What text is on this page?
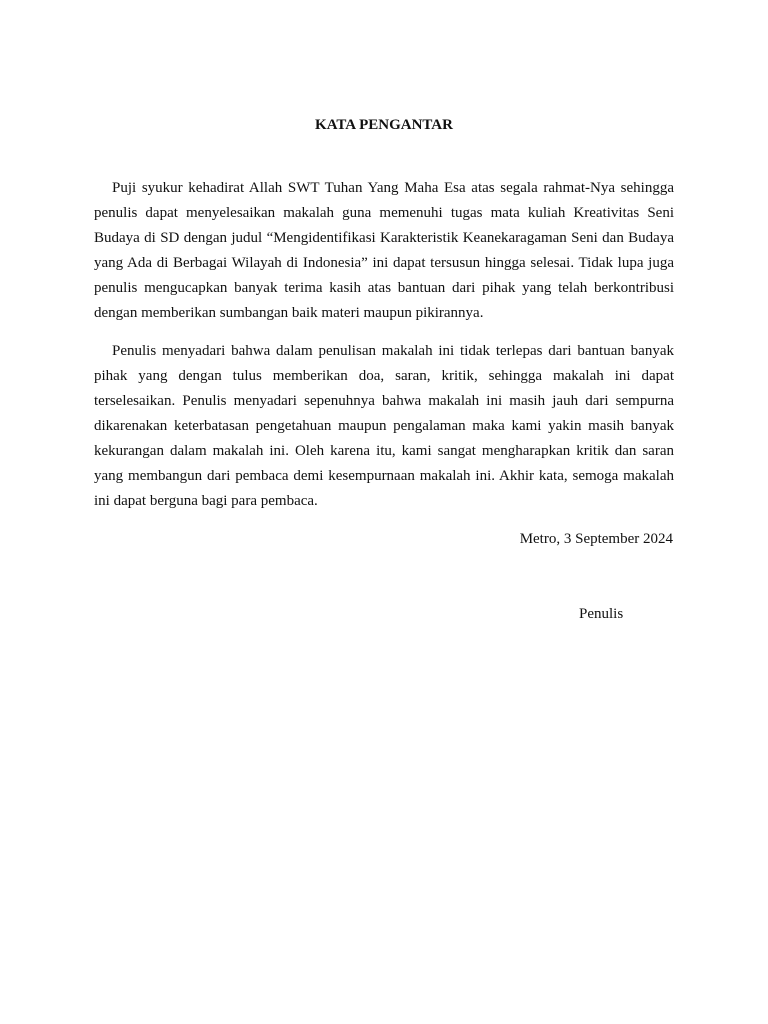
KATA PENGANTAR

Puji syukur kehadirat Allah SWT Tuhan Yang Maha Esa atas segala rahmat-Nya sehingga penulis dapat menyelesaikan makalah guna memenuhi tugas mata kuliah Kreativitas Seni Budaya di SD dengan judul “Mengidentifikasi Karakteristik Keanekaragaman Seni dan Budaya yang Ada di Berbagai Wilayah di Indonesia” ini dapat tersusun hingga selesai. Tidak lupa juga penulis mengucapkan banyak terima kasih atas bantuan dari pihak yang telah berkontribusi dengan memberikan sumbangan baik materi maupun pikirannya.

Penulis menyadari bahwa dalam penulisan makalah ini tidak terlepas dari bantuan banyak pihak yang dengan tulus memberikan doa, saran, kritik, sehingga makalah ini dapat terselesaikan. Penulis menyadari sepenuhnya bahwa makalah ini masih jauh dari sempurna dikarenakan keterbatasan pengetahuan maupun pengalaman maka kami yakin masih banyak kekurangan dalam makalah ini. Oleh karena itu, kami sangat mengharapkan kritik dan saran yang membangun dari pembaca demi kesempurnaan makalah ini. Akhir kata, semoga makalah ini dapat berguna bagi para pembaca.

Metro, 3 September 2024
Penulis
